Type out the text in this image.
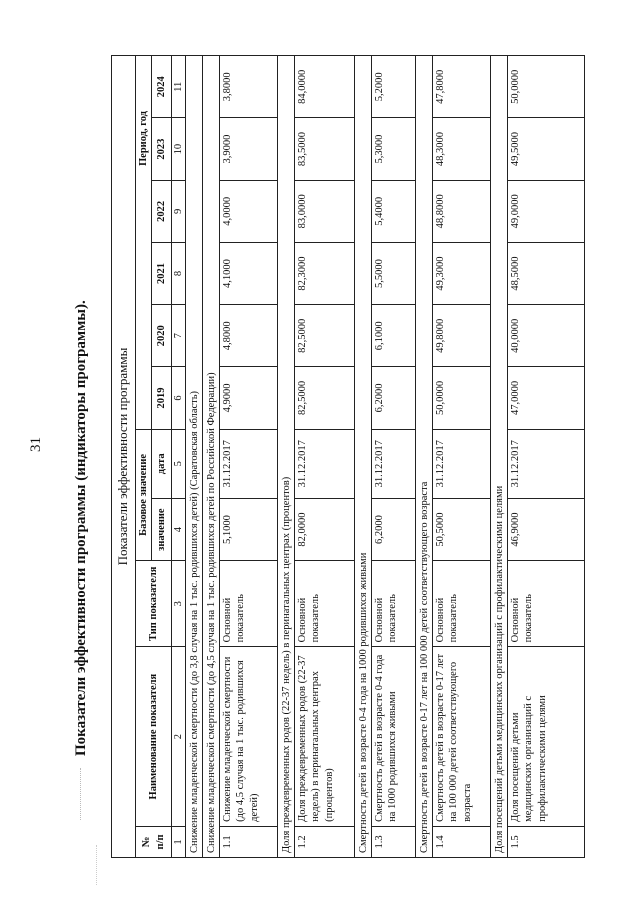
31 Показатели эффективности программы (индикаторы программы). Показатели эффективности программы										
№ п/п	Наименование показателя	Тип показателя	Базовое значение		Период, год					
			значение	дата	2019	2020	2021	2022	2023	2024

1	2	3	4	5	6	7	8	9	10	11
Снижение младенческой смертности (до 3,8 случая на 1 тыс. родившихся детей) (Саратовская область)										
Снижение младенческой смертности (до 4,5 случая на 1 тыс. родившихся детей по Российской Федерации)										
1.1	Снижение младенческой смертности (до 4,5 случая на 1 тыс. родившихся детей)	Основной показатель	5,1000	31.12.2017	4,9000	4,8000	4,1000	4,0000	3,9000	3,8000
Доля преждевременных родов (22-37 недель) в перинатальных центрах (процентов)										
1.2	Доля преждевременных родов (22-37 недель) в перинатальных центрах (процентов)	Основной показатель	82,0000	31.12.2017	82,5000	82,5000	82,3000	83,0000	83,5000	84,0000
Смертность детей в возрасте 0-4 года на 1000 родившихся живыми										
1.3	Смертность детей в возрасте 0-4 года на 1000 родившихся живыми	Основной показатель	6,2000	31.12.2017	6,2000	6,1000	5,5000	5,4000	5,3000	5,2000
Смертность детей в возрасте 0-17 лет на 100 000 детей соответствующего возраста										
1.4	Смертность детей в возрасте 0-17 лет на 100 000 детей соответствующего возраста	Основной показатель	50,5000	31.12.2017	50,0000	49,8000	49,3000	48,8000	48,3000	47,8000
Доля посещений детьми медицинских организаций с профилактическими целями										
1.5	Доля посещений детьми медицинских организаций с профилактическими целями	Основной показатель	46,9000	31.12.2017	47,0000	40,0000	48,5000	49,0000	49,5000	50,0000
